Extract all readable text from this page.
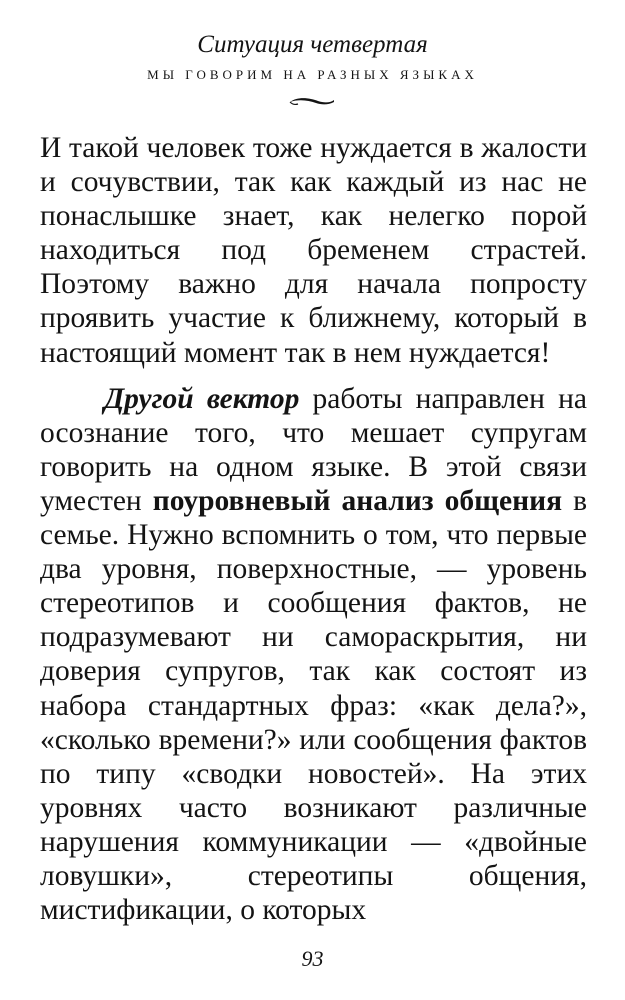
Ситуация четвертая
МЫ ГОВОРИМ НА РАЗНЫХ ЯЗЫКАХ

И такой человек тоже нуждается в жалости и сочувствии, так как каждый из нас не понаслышке знает, как нелегко порой находиться под бременем страстей. Поэтому важно для начала попросту проявить участие к ближнему, который в настоящий момент так в нем нуждается!

Другой вектор работы направлен на осознание того, что мешает супругам говорить на одном языке. В этой связи уместен поуровневый анализ общения в семье. Нужно вспомнить о том, что первые два уровня, поверхностные, — уровень стереотипов и сообщения фактов, не подразумевают ни самораскрытия, ни доверия супругов, так как состоят из набора стандартных фраз: «как дела?», «сколько времени?» или сообщения фактов по типу «сводки новостей». На этих уровнях часто возникают различные нарушения коммуникации — «двойные ловушки», стереотипы общения, мистификации, о которых

93
